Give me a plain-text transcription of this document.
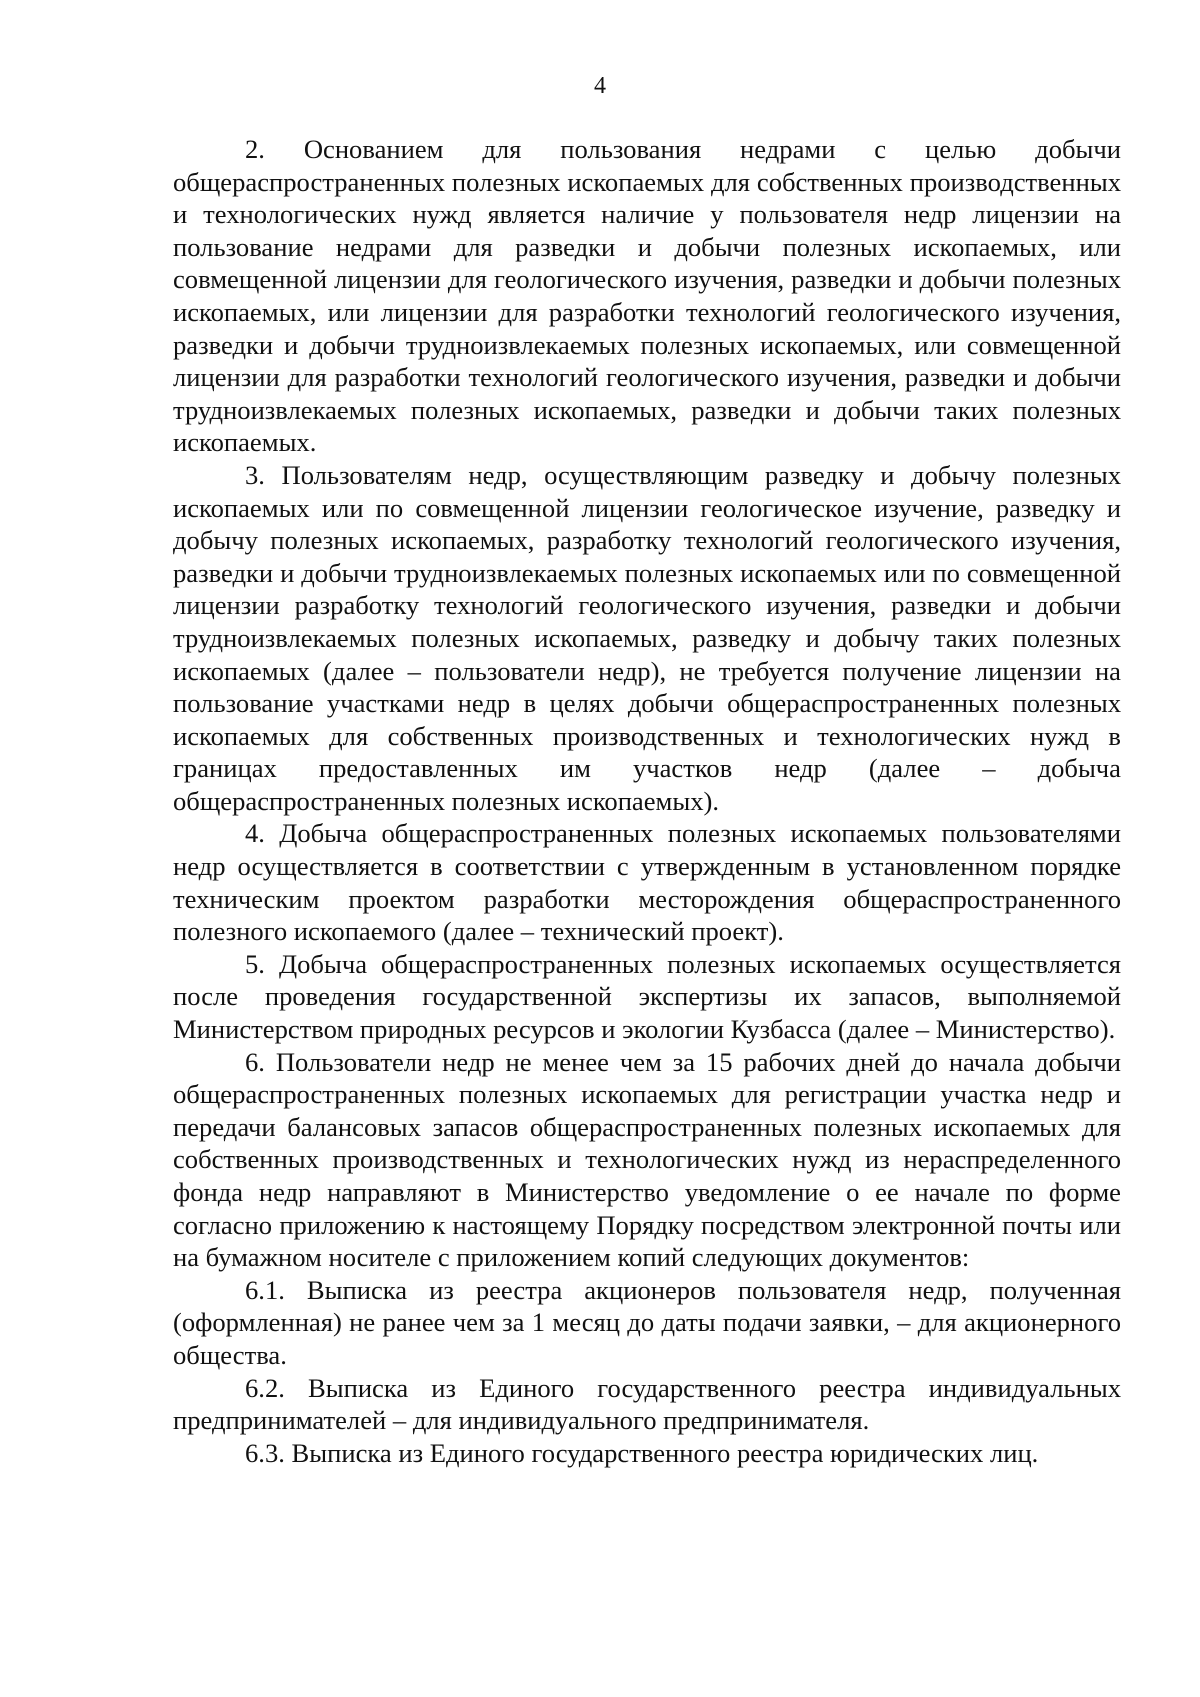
4

2. Основанием для пользования недрами с целью добычи общераспространенных полезных ископаемых для собственных производственных и технологических нужд является наличие у пользователя недр лицензии на пользование недрами для разведки и добычи полезных ископаемых, или совмещенной лицензии для геологического изучения, разведки и добычи полезных ископаемых, или лицензии для разработки технологий геологического изучения, разведки и добычи трудноизвлекаемых полезных ископаемых, или совмещенной лицензии для разработки технологий геологического изучения, разведки и добычи трудноизвлекаемых полезных ископаемых, разведки и добычи таких полезных ископаемых.

3. Пользователям недр, осуществляющим разведку и добычу полезных ископаемых или по совмещенной лицензии геологическое изучение, разведку и добычу полезных ископаемых, разработку технологий геологического изучения, разведки и добычи трудноизвлекаемых полезных ископаемых или по совмещенной лицензии разработку технологий геологического изучения, разведки и добычи трудноизвлекаемых полезных ископаемых, разведку и добычу таких полезных ископаемых (далее – пользователи недр), не требуется получение лицензии на пользование участками недр в целях добычи общераспространенных полезных ископаемых для собственных производственных и технологических нужд в границах предоставленных им участков недр (далее – добыча общераспространенных полезных ископаемых).

4. Добыча общераспространенных полезных ископаемых пользователями недр осуществляется в соответствии с утвержденным в установленном порядке техническим проектом разработки месторождения общераспространенного полезного ископаемого (далее – технический проект).

5. Добыча общераспространенных полезных ископаемых осуществляется после проведения государственной экспертизы их запасов, выполняемой Министерством природных ресурсов и экологии Кузбасса (далее – Министерство).

6. Пользователи недр не менее чем за 15 рабочих дней до начала добычи общераспространенных полезных ископаемых для регистрации участка недр и передачи балансовых запасов общераспространенных полезных ископаемых для собственных производственных и технологических нужд из нераспределенного фонда недр направляют в Министерство уведомление о ее начале по форме согласно приложению к настоящему Порядку посредством электронной почты или на бумажном носителе с приложением копий следующих документов:

6.1. Выписка из реестра акционеров пользователя недр, полученная (оформленная) не ранее чем за 1 месяц до даты подачи заявки, – для акционерного общества.

6.2. Выписка из Единого государственного реестра индивидуальных предпринимателей – для индивидуального предпринимателя.

6.3. Выписка из Единого государственного реестра юридических лиц.
